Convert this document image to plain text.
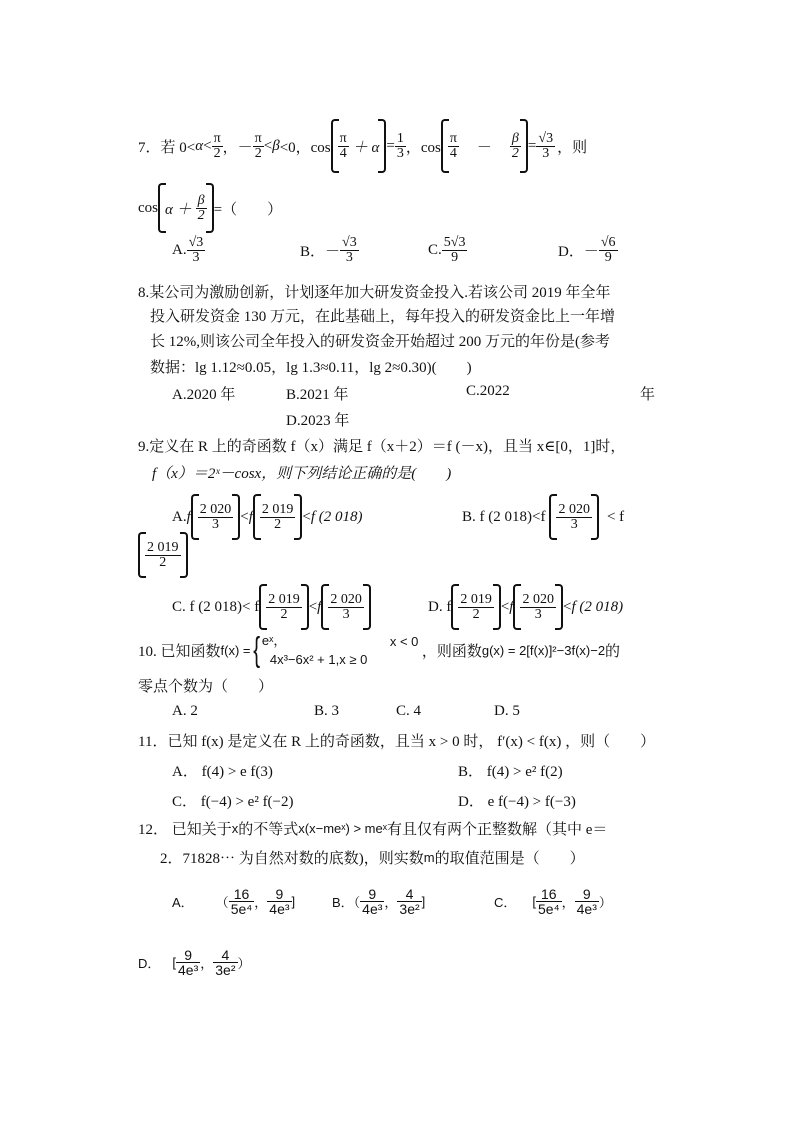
7．若 $0< \alpha < \frac{\pi}{2}$ ，－ $\frac{\pi}{2} < \beta <0$，$\cos \frac{\pi}{4} + \alpha = \frac{1}{3}$ ，$\cos \frac{\pi}{4} - \frac{\beta}{2} = \frac{√3}{3}$ ，则
$\cos \alpha + \frac{\beta}{2}$ =（　　）
A. $\frac{√3}{3}$	B． － $\frac{√3}{3}$	C. $\frac{5√3}{9}$	D． － $\frac{√6}{9}$
8.某公司为激励创新，计划逐年加大研发资金投入.若该公司 2019 年全年
投入研发资金 130 万元，在此基础上，每年投入的研发资金比上一年增
长 12%,则该公司全年投入的研发资金开始超过 200 万元的年份是(参考
数据：lg 1.12≈0.05，lg 1.3≈0.11，lg 2≈0.30)(　　)
A.2020 年	B.2021 年	C.2022	年
D.2023 年
9.定义在 R 上的奇函数 f（x）满足 f（x＋2）＝f (－x)，且当 x∈[0，1]时，
f（x）＝2ˣ－cosx，则下列结论正确的是(　　)
A. f $\frac{2 020}{3} < f \frac{2 019}{2} < f$ (2 018)	B. f (2 $018)<f \frac{2 020}{3} < f$
$\frac{2 019}{2}$
C. f (2 018)< f $\frac{2 019}{2} < f \frac{2 020}{3}$	D. f $\frac{2 019}{2} < f \frac{2 020}{3} < f$ (2 018)
10. 已知函数 f(x) = { eˣ，	x < 0
4x³−6x² + 1,x ≥ 0	，则函数 g(x) = 2[f(x)]²−3f(x)−2 的
零点个数为（　　）
A. 2	B. 3	C. 4	D. 5
11．已知 f(x) 是定义在 R 上的奇函数，且当 x > 0 时， f′(x) < f(x) ，则（　　）
A． f(4) > e f(3)	B． f(4) > e² f(2)
C． f(−4) > e² f(−2)	D． e f(−4) > f(−3)
12． 已知关于 x 的不等式 x(x−meˣ) > meˣ 有且仅有两个正整数解（其中 e＝
2．71828⋯ 为自然对数的底数)，则实数 m 的取值范围是（　　）
A． （ $\frac{16}{\text{5e⁴}}$ ， $\frac{9}{\text{4e³}}$ ]	B．（ $\frac{9}{\text{4e³}}$ ， $\frac{4}{\text{3e²}}$ ]	C． [ $\frac{16}{\text{5e⁴}}$ ， $\frac{9}{\text{4e³}}$ ）
D． [ $\frac{9}{\text{4e³}}$ ， $\frac{4}{\text{3e²}}$ ）
